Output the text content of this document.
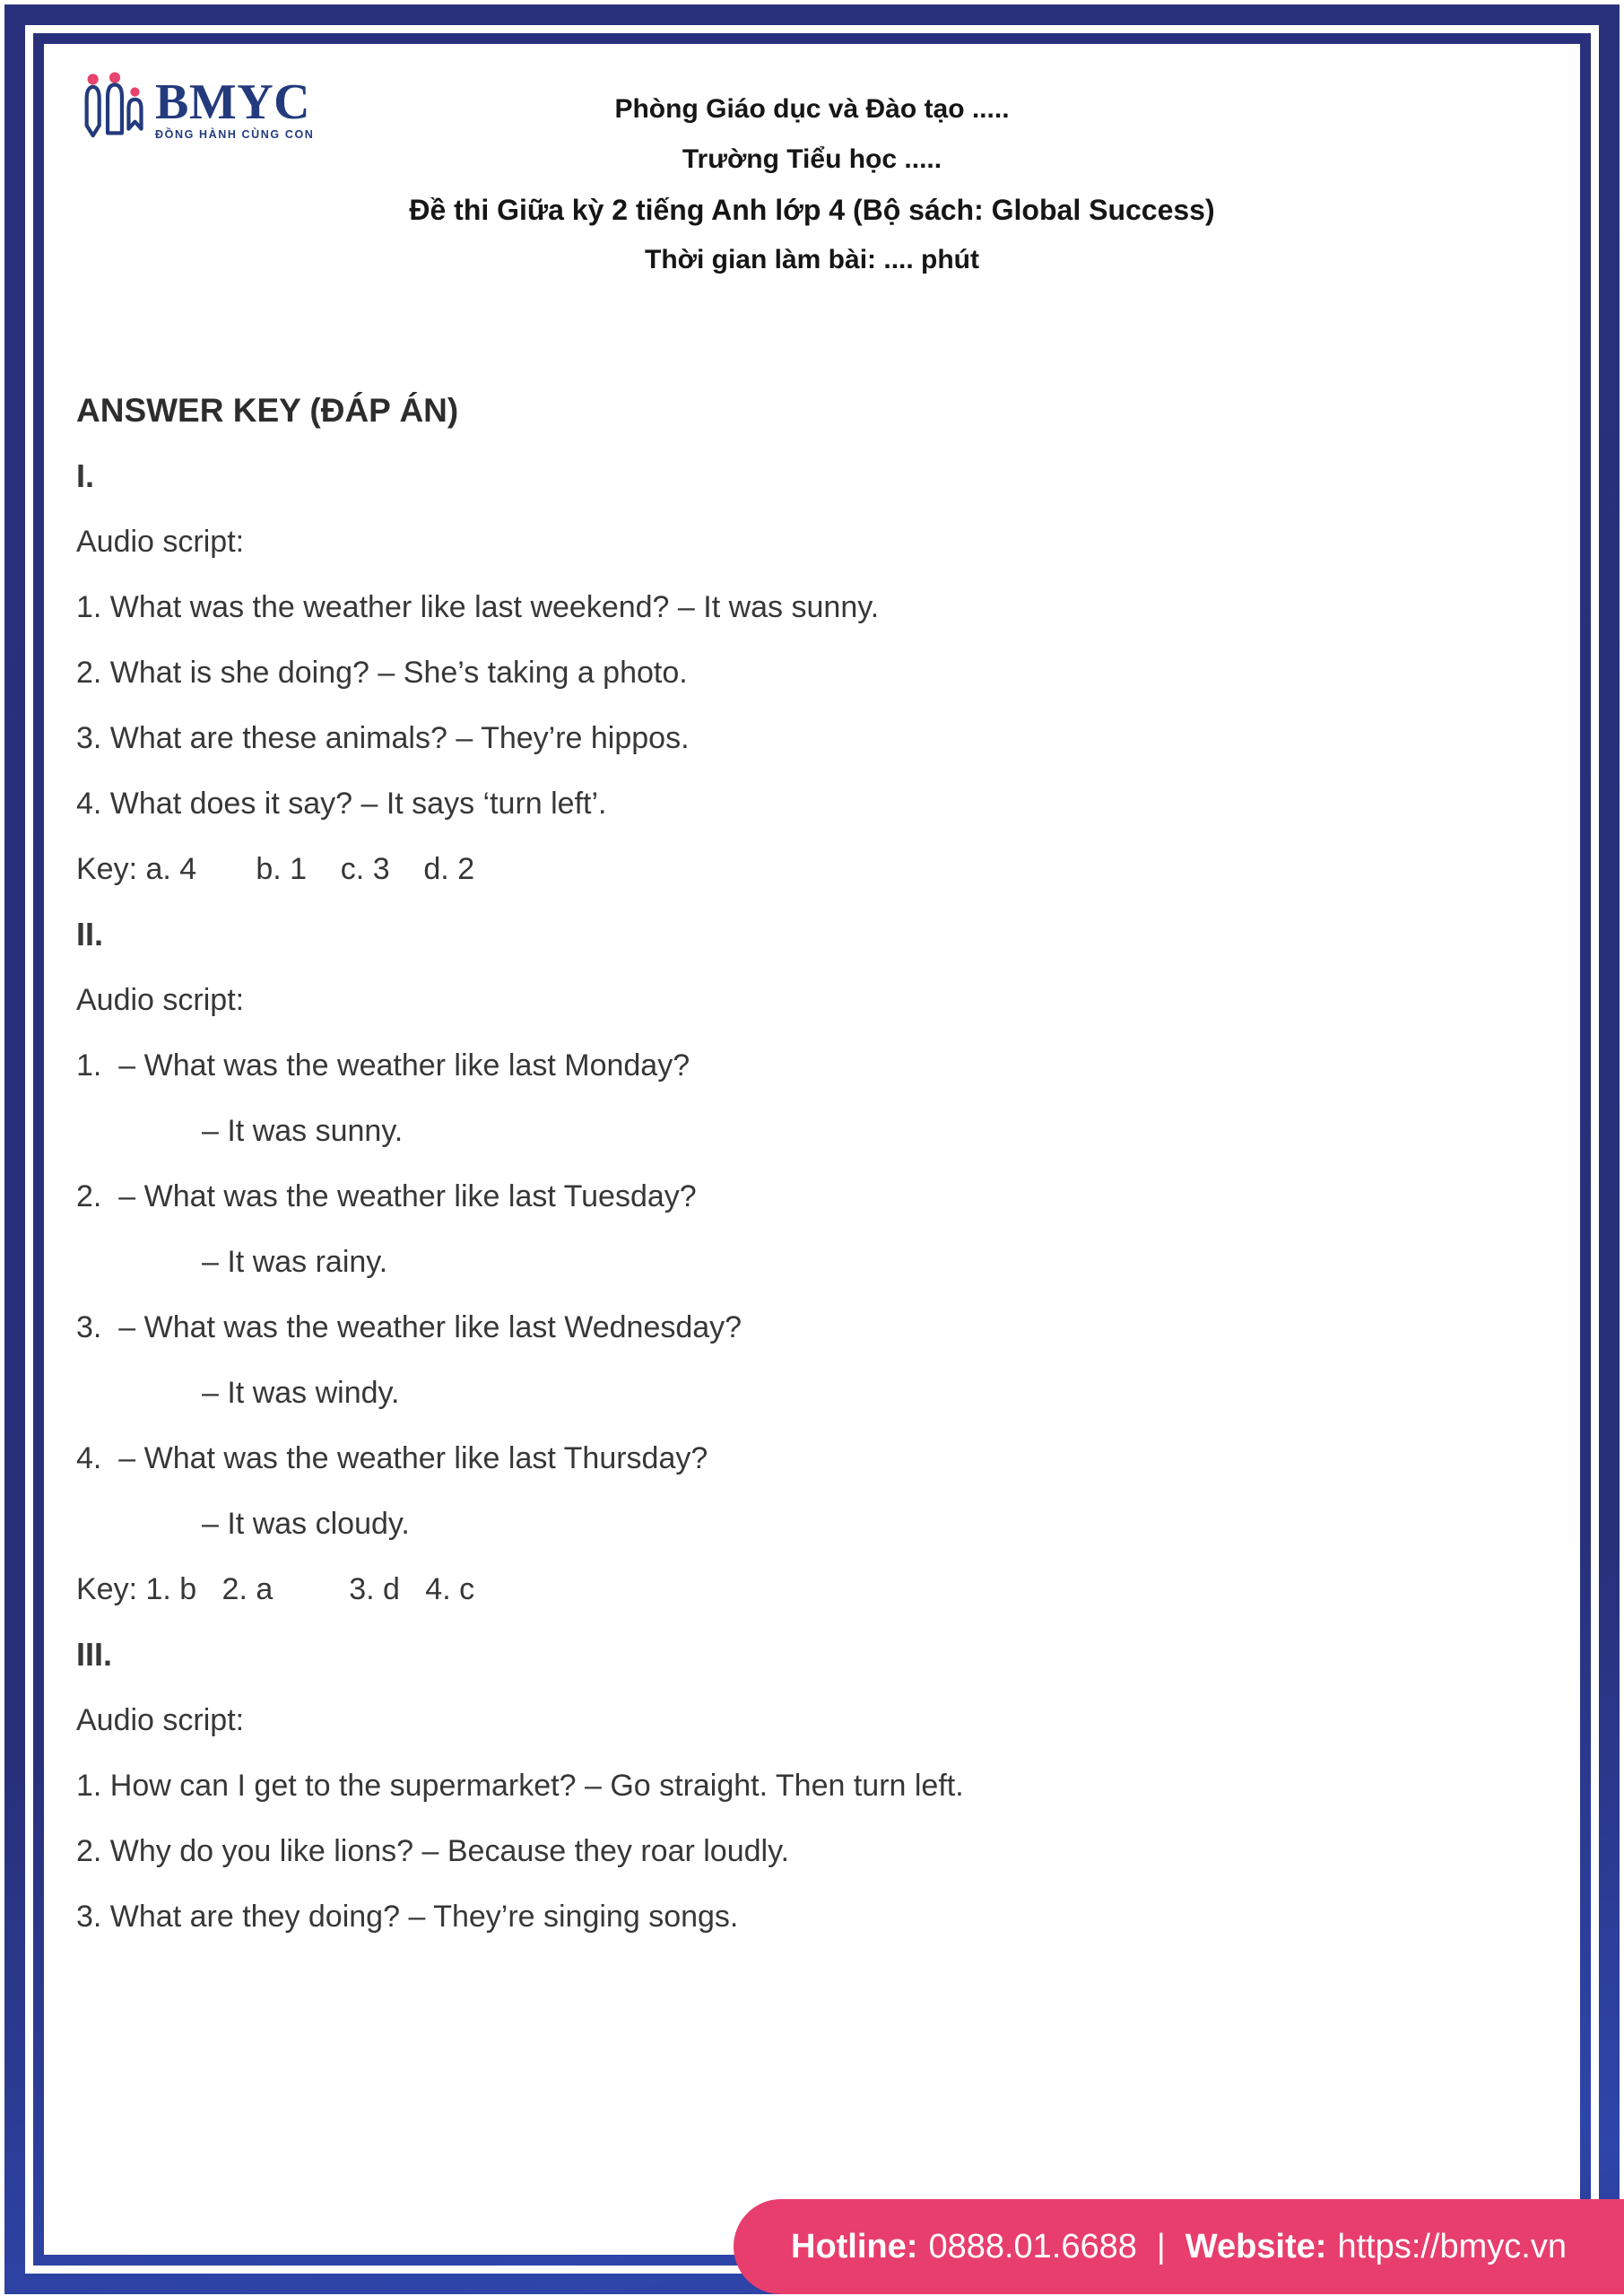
BMYC
ĐỒNG HÀNH CÙNG CON
Phòng Giáo dục và Đào tạo .....
Trường Tiểu học .....
Đề thi Giữa kỳ 2 tiếng Anh lớp 4 (Bộ sách: Global Success)
Thời gian làm bài: .... phút

ANSWER KEY (ĐÁP ÁN)

I.

Audio script:

1. What was the weather like last weekend? – It was sunny.

2. What is she doing? – She’s taking a photo.

3. What are these animals? – They’re hippos.

4. What does it say? – It says ‘turn left’.

Key: a. 4       b. 1    c. 3    d. 2

II.

Audio script:

1.  – What was the weather like last Monday?

– It was sunny.

2.  – What was the weather like last Tuesday?

– It was rainy.

3.  – What was the weather like last Wednesday?

– It was windy.

4.  – What was the weather like last Thursday?

– It was cloudy.

Key: 1. b   2. a         3. d   4. c

III.

Audio script:

1. How can I get to the supermarket? – Go straight. Then turn left.

2. Why do you like lions? – Because they roar loudly.

3. What are they doing? – They’re singing songs.

Hotline: 0888.01.6688 | Website: https://bmyc.vn
